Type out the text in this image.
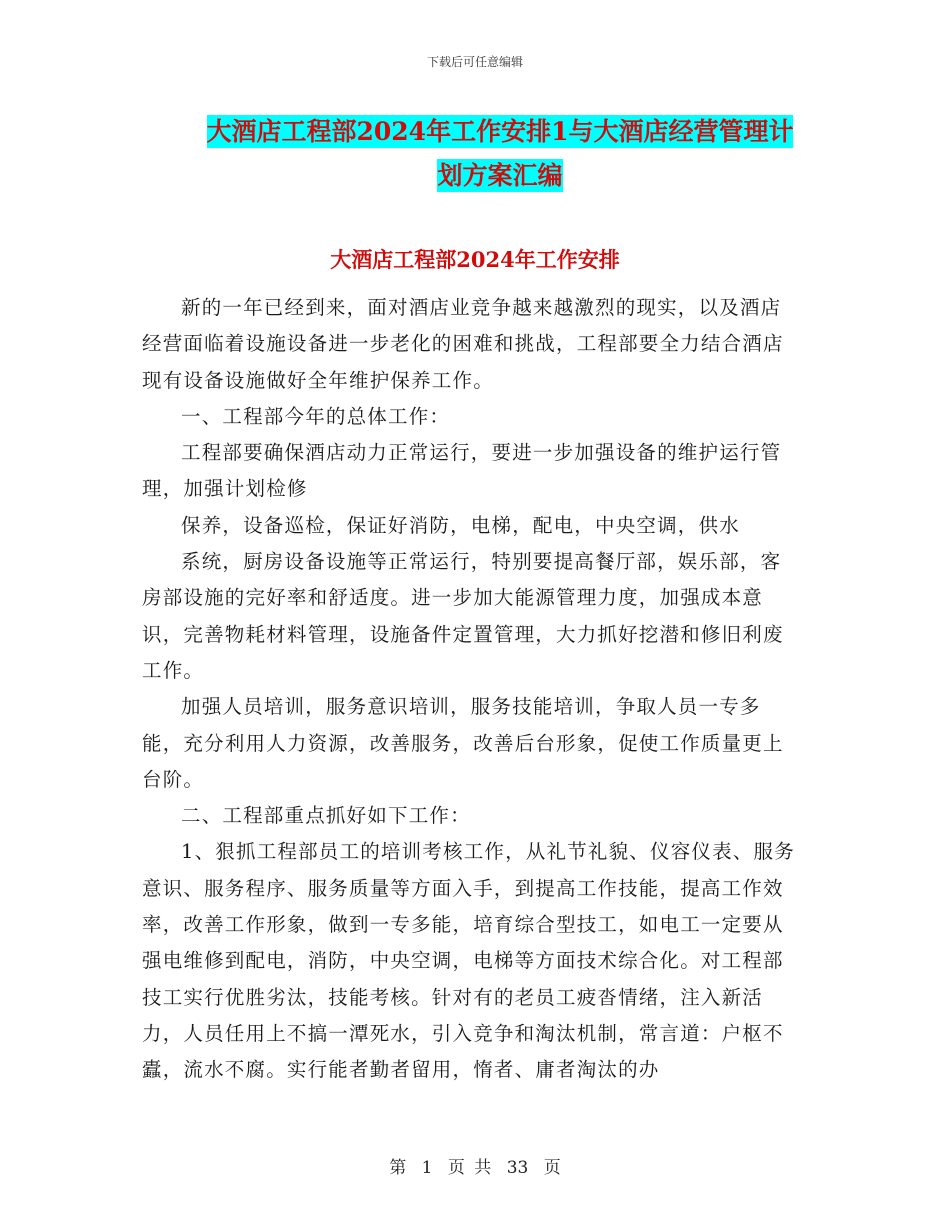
下载后可任意编辑
大酒店工程部2024年工作安排1与大酒店经营管理计
划方案汇编
大酒店工程部2024年工作安排

新的一年已经到来，面对酒店业竞争越来越激烈的现实，以及酒店经营面临着设施设备进一步老化的困难和挑战，工程部要全力结合酒店现有设备设施做好全年维护保养工作。

一、工程部今年的总体工作：

工程部要确保酒店动力正常运行，要进一步加强设备的维护运行管理，加强计划检修

保养，设备巡检，保证好消防，电梯，配电，中央空调，供水

系统，厨房设备设施等正常运行，特别要提高餐厅部，娱乐部，客房部设施的完好率和舒适度。进一步加大能源管理力度，加强成本意识，完善物耗材料管理，设施备件定置管理，大力抓好挖潜和修旧利废工作。

加强人员培训，服务意识培训，服务技能培训，争取人员一专多能，充分利用人力资源，改善服务，改善后台形象，促使工作质量更上台阶。

二、工程部重点抓好如下工作：

1、狠抓工程部员工的培训考核工作，从礼节礼貌、仪容仪表、服务意识、服务程序、服务质量等方面入手，到提高工作技能，提高工作效率，改善工作形象，做到一专多能，培育综合型技工，如电工一定要从强电维修到配电，消防，中央空调，电梯等方面技术综合化。对工程部技工实行优胜劣汰，技能考核。针对有的老员工疲沓情绪，注入新活力，人员任用上不搞一潭死水，引入竞争和淘汰机制，常言道：户枢不蠹，流水不腐。实行能者勤者留用，惰者、庸者淘汰的办

第 1 页 共 33 页
